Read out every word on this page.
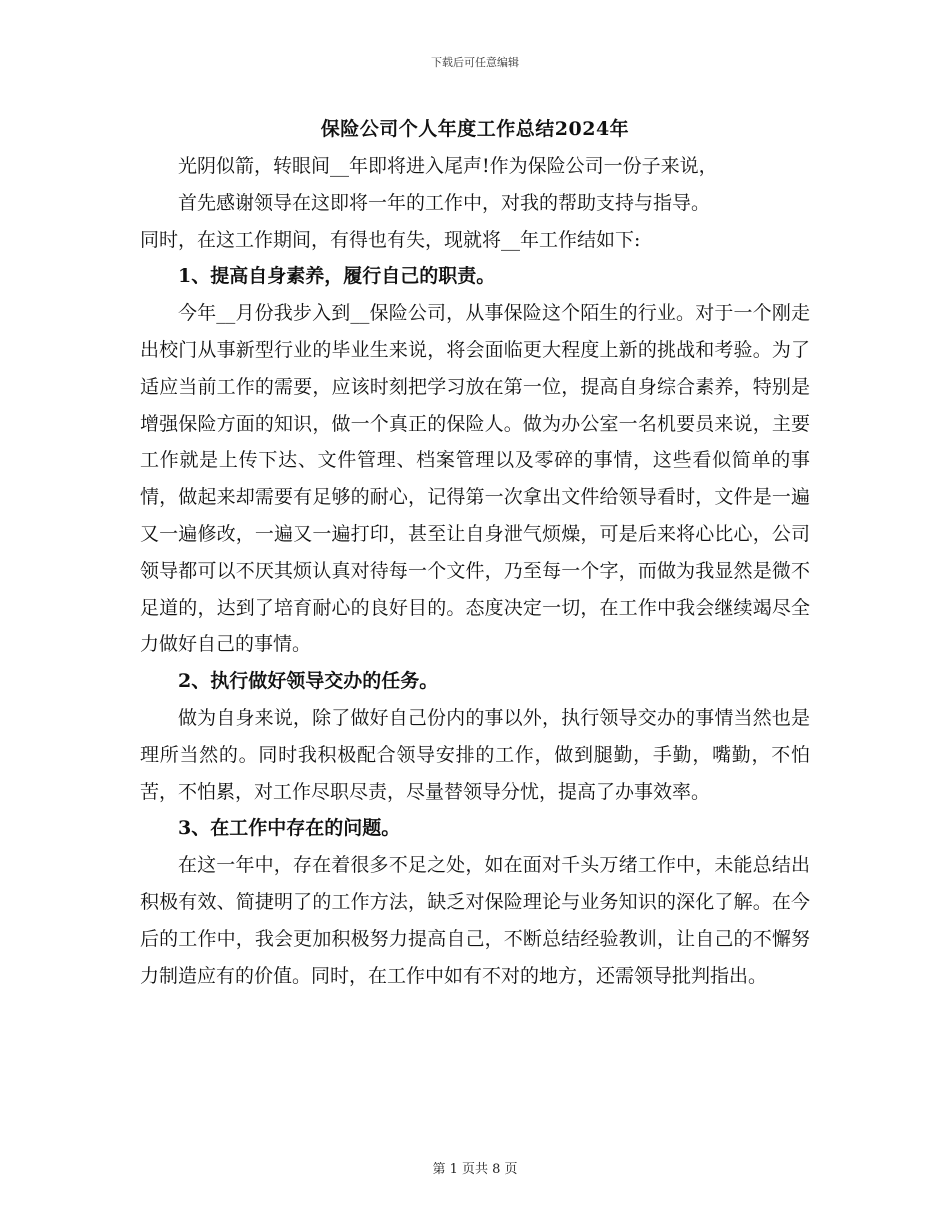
下载后可任意编辑
保险公司个人年度工作总结2024年

光阴似箭，转眼间__年即将进入尾声!作为保险公司一份子来说，

首先感谢领导在这即将一年的工作中，对我的帮助支持与指导。

同时，在这工作期间，有得也有失，现就将__年工作结如下:

1、提高自身素养，履行自己的职责。

今年__月份我步入到__保险公司，从事保险这个陌生的行业。对于一个刚走出校门从事新型行业的毕业生来说，将会面临更大程度上新的挑战和考验。为了适应当前工作的需要，应该时刻把学习放在第一位，提高自身综合素养，特别是增强保险方面的知识，做一个真正的保险人。做为办公室一名机要员来说，主要工作就是上传下达、文件管理、档案管理以及零碎的事情，这些看似简单的事情，做起来却需要有足够的耐心，记得第一次拿出文件给领导看时，文件是一遍又一遍修改，一遍又一遍打印，甚至让自身泄气烦燥，可是后来将心比心，公司领导都可以不厌其烦认真对待每一个文件，乃至每一个字，而做为我显然是微不足道的，达到了培育耐心的良好目的。态度决定一切，在工作中我会继续竭尽全力做好自己的事情。

2、执行做好领导交办的任务。

做为自身来说，除了做好自己份内的事以外，执行领导交办的事情当然也是理所当然的。同时我积极配合领导安排的工作，做到腿勤，手勤，嘴勤，不怕苦，不怕累，对工作尽职尽责，尽量替领导分忧，提高了办事效率。

3、在工作中存在的问题。

在这一年中，存在着很多不足之处，如在面对千头万绪工作中，未能总结出积极有效、简捷明了的工作方法，缺乏对保险理论与业务知识的深化了解。在今后的工作中，我会更加积极努力提高自己，不断总结经验教训，让自己的不懈努力制造应有的价值。同时，在工作中如有不对的地方，还需领导批判指出。

第 1 页共 8 页
